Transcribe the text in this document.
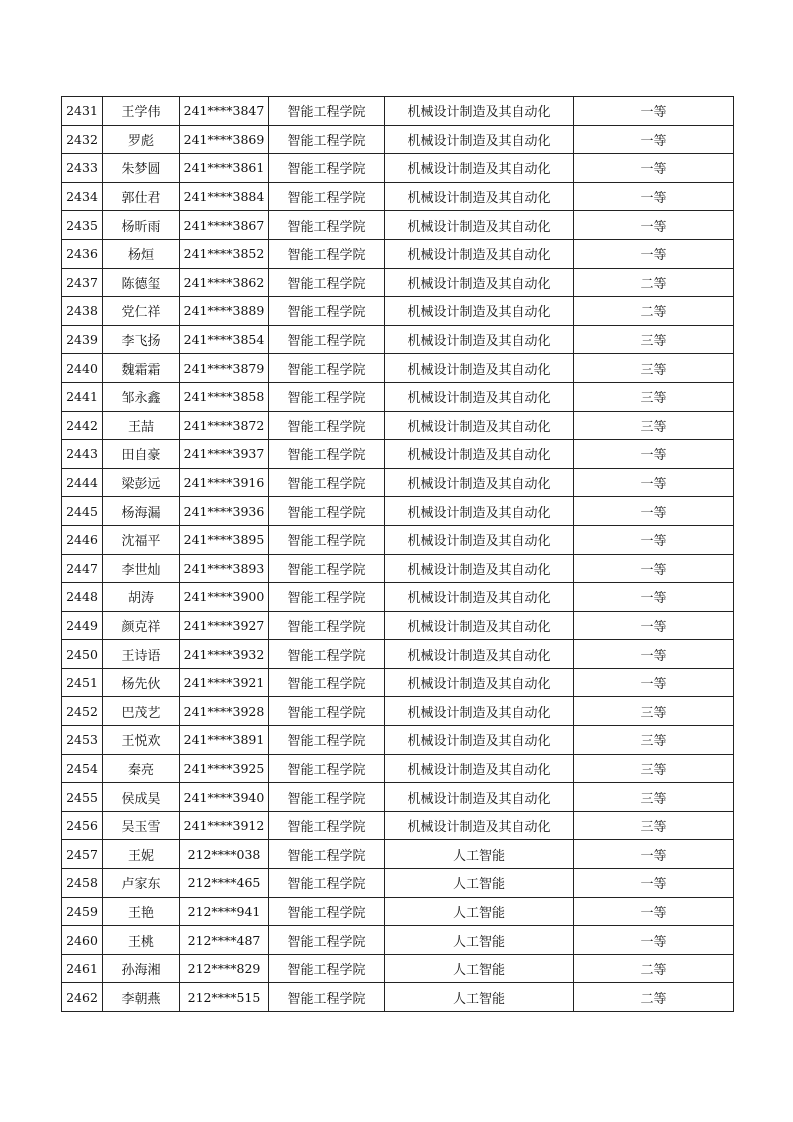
2431	王学伟	241****3847	智能工程学院	机械设计制造及其自动化	一等
2432	罗彪	241****3869	智能工程学院	机械设计制造及其自动化	一等
2433	朱梦圆	241****3861	智能工程学院	机械设计制造及其自动化	一等
2434	郭仕君	241****3884	智能工程学院	机械设计制造及其自动化	一等
2435	杨昕雨	241****3867	智能工程学院	机械设计制造及其自动化	一等
2436	杨烜	241****3852	智能工程学院	机械设计制造及其自动化	一等
2437	陈德玺	241****3862	智能工程学院	机械设计制造及其自动化	二等
2438	党仁祥	241****3889	智能工程学院	机械设计制造及其自动化	二等
2439	李飞扬	241****3854	智能工程学院	机械设计制造及其自动化	三等
2440	魏霜霜	241****3879	智能工程学院	机械设计制造及其自动化	三等
2441	邹永鑫	241****3858	智能工程学院	机械设计制造及其自动化	三等
2442	王喆	241****3872	智能工程学院	机械设计制造及其自动化	三等
2443	田自豪	241****3937	智能工程学院	机械设计制造及其自动化	一等
2444	梁彭远	241****3916	智能工程学院	机械设计制造及其自动化	一等
2445	杨海漏	241****3936	智能工程学院	机械设计制造及其自动化	一等
2446	沈福平	241****3895	智能工程学院	机械设计制造及其自动化	一等
2447	李世灿	241****3893	智能工程学院	机械设计制造及其自动化	一等
2448	胡涛	241****3900	智能工程学院	机械设计制造及其自动化	一等
2449	颜克祥	241****3927	智能工程学院	机械设计制造及其自动化	一等
2450	王诗语	241****3932	智能工程学院	机械设计制造及其自动化	一等
2451	杨先伙	241****3921	智能工程学院	机械设计制造及其自动化	一等
2452	巴茂艺	241****3928	智能工程学院	机械设计制造及其自动化	三等
2453	王悦欢	241****3891	智能工程学院	机械设计制造及其自动化	三等
2454	秦亮	241****3925	智能工程学院	机械设计制造及其自动化	三等
2455	侯成昊	241****3940	智能工程学院	机械设计制造及其自动化	三等
2456	吴玉雪	241****3912	智能工程学院	机械设计制造及其自动化	三等
2457	王妮	212****038	智能工程学院	人工智能	一等
2458	卢家东	212****465	智能工程学院	人工智能	一等
2459	王艳	212****941	智能工程学院	人工智能	一等
2460	王桃	212****487	智能工程学院	人工智能	一等
2461	孙海湘	212****829	智能工程学院	人工智能	二等
2462	李朝燕	212****515	智能工程学院	人工智能	二等
